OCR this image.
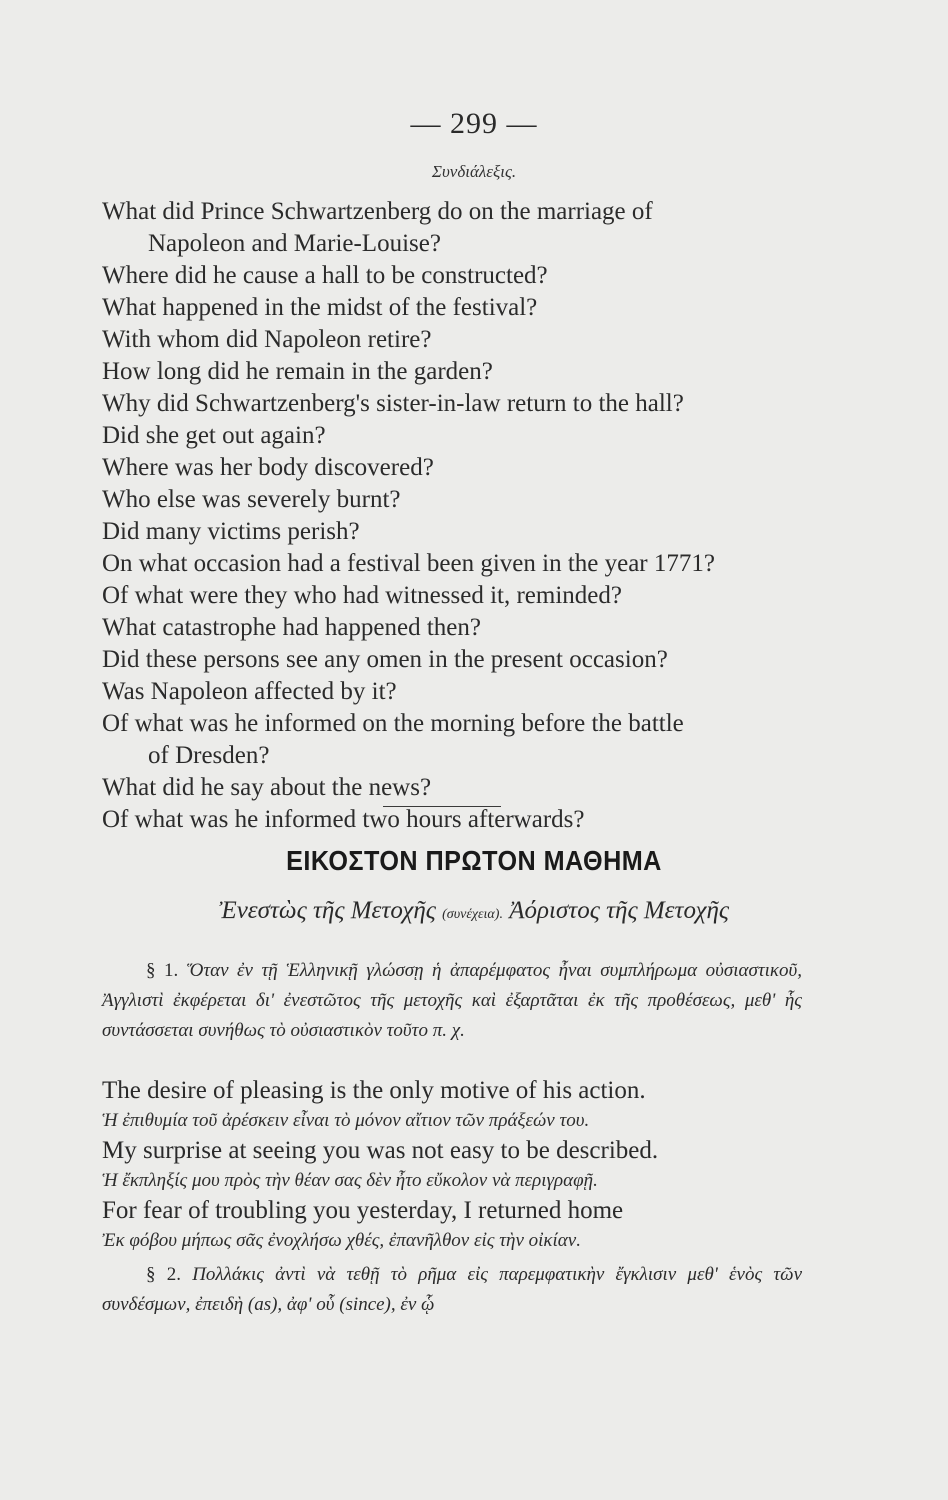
— 299 —
Συνδιάλεξις.
What did Prince Schwartzenberg do on the marriage of
Napoleon and Marie-Louise?
Where did he cause a hall to be constructed?
What happened in the midst of the festival?
With whom did Napoleon retire?
How long did he remain in the garden?
Why did Schwartzenberg's sister-in-law return to the hall?
Did she get out again?
Where was her body discovered?
Who else was severely burnt?
Did many victims perish?
On what occasion had a festival been given in the year 1771?
Of what were they who had witnessed it, reminded?
What catastrophe had happened then?
Did these persons see any omen in the present occasion?
Was Napoleon affected by it?
Of what was he informed on the morning before the battle
of Dresden?
What did he say about the news?
Of what was he informed two hours afterwards?
ΕΙΚΟΣΤΟΝ ΠΡΩΤΟΝ ΜΑΘΗΜΑ
Ἐνεστὼς τῆς Μετοχῆς (συνέχεια). Ἀόριστος τῆς Μετοχῆς
§ 1. Ὅταν ἐν τῇ Ἑλληνικῇ γλώσσῃ ἡ ἀπαρέμφατος ἦναι συμπλήρωμα οὐσιαστικοῦ, Ἀγγλιστὶ ἐκφέρεται δι' ἐνεστῶτος τῆς μετοχῆς καὶ ἐξαρτᾶται ἐκ τῆς προθέσεως, μεθ' ἧς συντάσσεται συνήθως τὸ οὐσιαστικὸν τοῦτο π. χ.
The desire of pleasing is the only motive of his action.
Ἡ ἐπιθυμία τοῦ ἀρέσκειν εἶναι τὸ μόνον αἴτιον τῶν πράξεών του.
My surprise at seeing you was not easy to be described.
Ἡ ἔκπληξίς μου πρὸς τὴν θέαν σας δὲν ἦτο εὔκολον νὰ περιγραφῇ.
For fear of troubling you yesterday, I returned home
Ἐκ φόβου μήπως σᾶς ἐνοχλήσω χθές, ἐπανῆλθον εἰς τὴν οἰκίαν.
§ 2. Πολλάκις ἀντὶ νὰ τεθῇ τὸ ρῆμα εἰς παρεμφατικὴν ἔγκλισιν μεθ' ἑνὸς τῶν συνδέσμων, ἐπειδὴ (as), ἀφ' οὗ (since), ἐν ᾧ
